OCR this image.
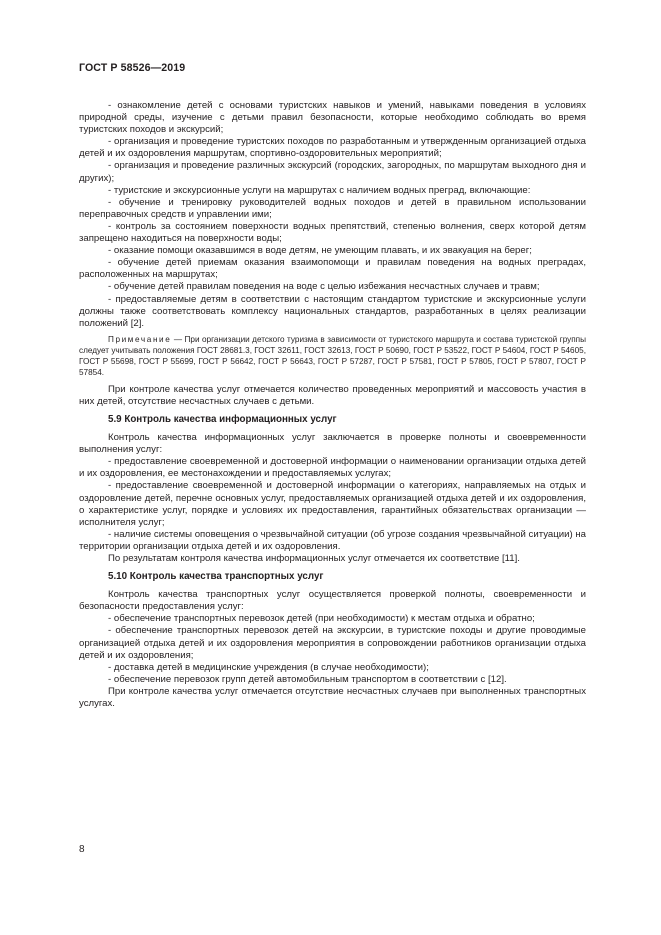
ГОСТ Р 58526—2019

- ознакомление детей с основами туристских навыков и умений, навыками поведения в условиях природной среды, изучение с детьми правил безопасности, которые необходимо соблюдать во время туристских походов и экскурсий;

- организация и проведение туристских походов по разработанным и утвержденным организацией отдыха детей и их оздоровления маршрутам, спортивно-оздоровительных мероприятий;

- организация и проведение различных экскурсий (городских, загородных, по маршрутам выходного дня и других);

- туристские и экскурсионные услуги на маршрутах с наличием водных преград, включающие:

- обучение и тренировку руководителей водных походов и детей в правильном использовании переправочных средств и управлении ими;

- контроль за состоянием поверхности водных препятствий, степенью волнения, сверх которой детям запрещено находиться на поверхности воды;

- оказание помощи оказавшимся в воде детям, не умеющим плавать, и их эвакуация на берег;

- обучение детей приемам оказания взаимопомощи и правилам поведения на водных преградах, расположенных на маршрутах;

- обучение детей правилам поведения на воде с целью избежания несчастных случаев и травм;

- предоставляемые детям в соответствии с настоящим стандартом туристские и экскурсионные услуги должны также соответствовать комплексу национальных стандартов, разработанных в целях реализации положений [2].

Примечание — При организации детского туризма в зависимости от туристского маршрута и состава туристской группы следует учитывать положения ГОСТ 28681.3, ГОСТ 32611, ГОСТ 32613, ГОСТ Р 50690, ГОСТ Р 53522, ГОСТ Р 54604, ГОСТ Р 54605, ГОСТ Р 55698, ГОСТ Р 55699, ГОСТ Р 56642, ГОСТ Р 56643, ГОСТ Р 57287, ГОСТ Р 57581, ГОСТ Р 57805, ГОСТ Р 57807, ГОСТ Р 57854.

При контроле качества услуг отмечается количество проведенных мероприятий и массовость участия в них детей, отсутствие несчастных случаев с детьми.

5.9 Контроль качества информационных услуг

Контроль качества информационных услуг заключается в проверке полноты и своевременности выполнения услуг:

- предоставление своевременной и достоверной информации о наименовании организации отдыха детей и их оздоровления, ее местонахождении и предоставляемых услугах;

- предоставление своевременной и достоверной информации о категориях, направляемых на отдых и оздоровление детей, перечне основных услуг, предоставляемых организацией отдыха детей и их оздоровления, о характеристике услуг, порядке и условиях их предоставления, гарантийных обязательствах организации — исполнителя услуг;

- наличие системы оповещения о чрезвычайной ситуации (об угрозе создания чрезвычайной ситуации) на территории организации отдыха детей и их оздоровления.

По результатам контроля качества информационных услуг отмечается их соответствие [11].

5.10 Контроль качества транспортных услуг

Контроль качества транспортных услуг осуществляется проверкой полноты, своевременности и безопасности предоставления услуг:

- обеспечение транспортных перевозок детей (при необходимости) к местам отдыха и обратно;

- обеспечение транспортных перевозок детей на экскурсии, в туристские походы и другие проводимые организацией отдыха детей и их оздоровления мероприятия в сопровождении работников организации отдыха детей и их оздоровления;

- доставка детей в медицинские учреждения (в случае необходимости);

- обеспечение перевозок групп детей автомобильным транспортом в соответствии с [12].

При контроле качества услуг отмечается отсутствие несчастных случаев при выполненных транспортных услугах.

8
